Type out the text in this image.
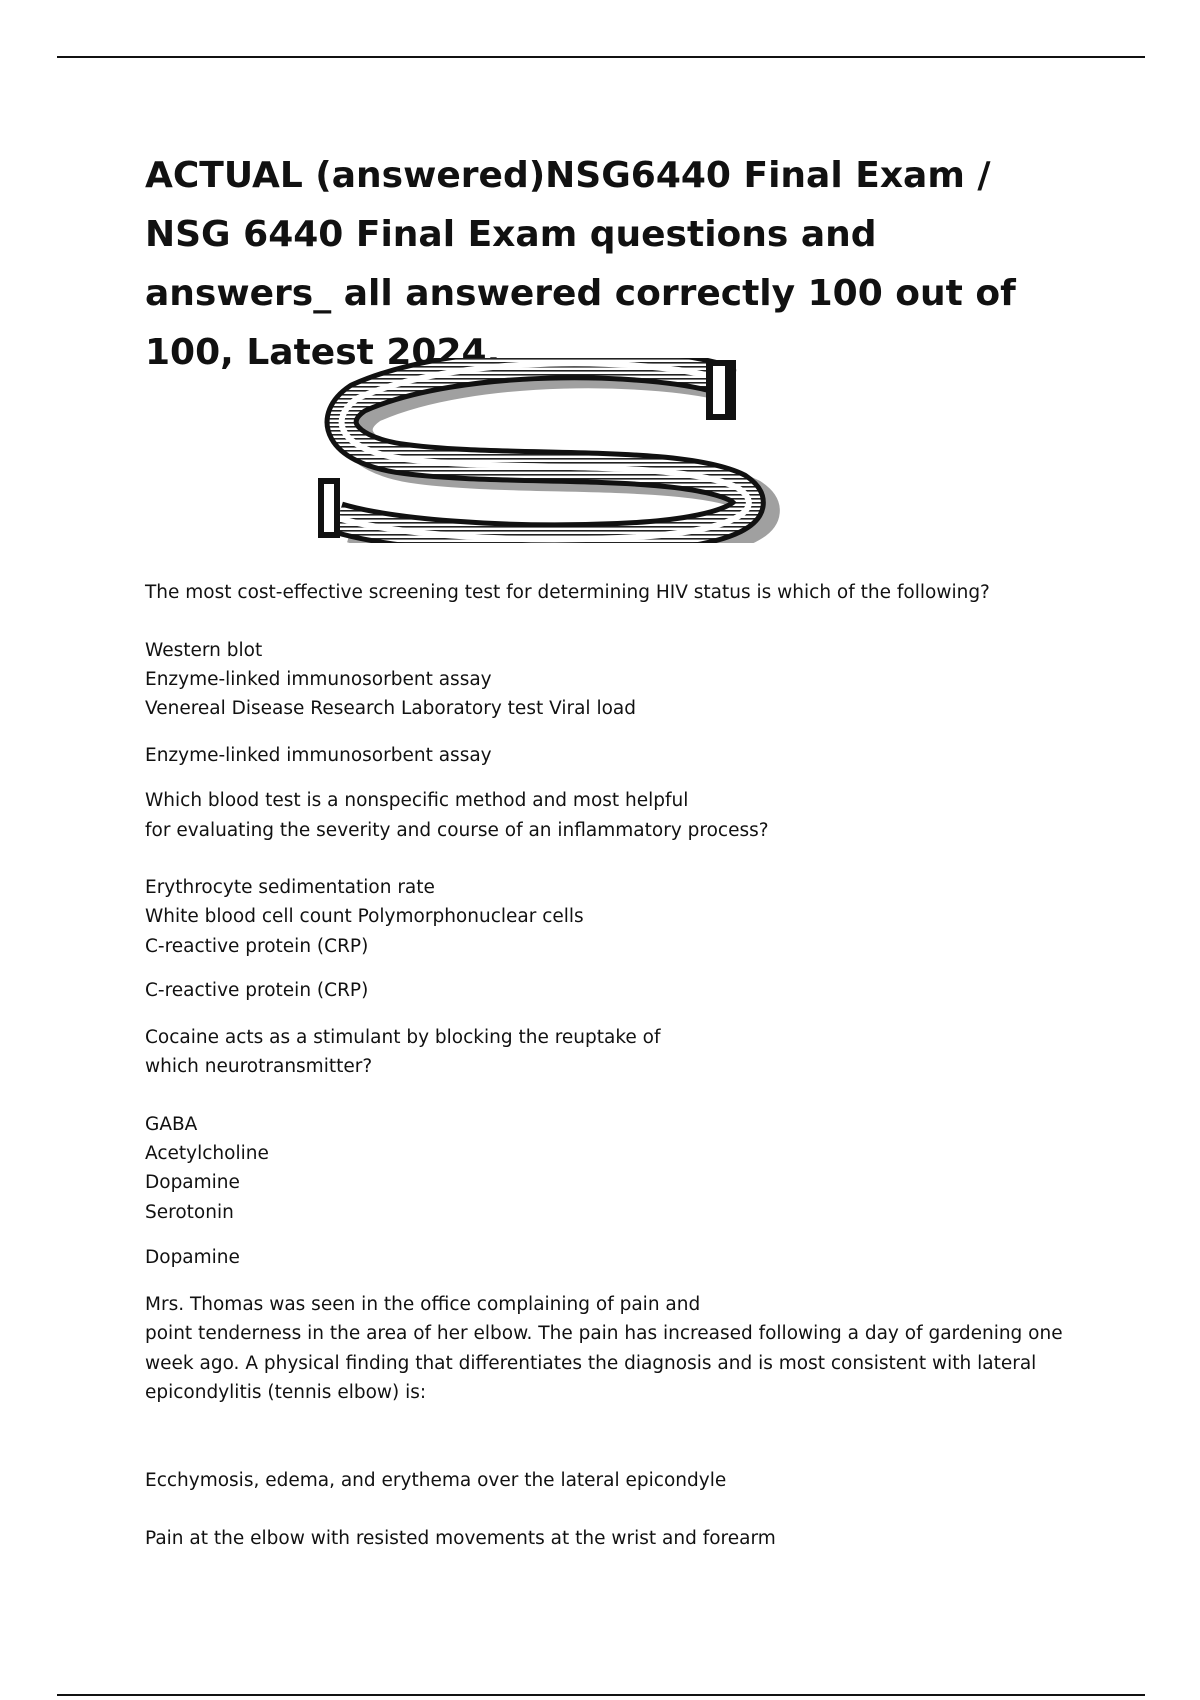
ACTUAL (answered)NSG6440 Final Exam / NSG 6440 Final Exam questions and answers_ all answered correctly 100 out of 100, Latest 2024.
The most cost-effective screening test for determining HIV status is which of the following?
Western blot
Enzyme-linked immunosorbent assay
Venereal Disease Research Laboratory test Viral load
Enzyme-linked immunosorbent assay
Which blood test is a nonspecific method and most helpful
for evaluating the severity and course of an inflammatory process?
Erythrocyte sedimentation rate
White blood cell count Polymorphonuclear cells
C-reactive protein (CRP)
C-reactive protein (CRP)
Cocaine acts as a stimulant by blocking the reuptake of
which neurotransmitter?
GABA
Acetylcholine
Dopamine
Serotonin
Dopamine
Mrs. Thomas was seen in the office complaining of pain and
point tenderness in the area of her elbow. The pain has increased following a day of gardening one
week ago. A physical finding that differentiates the diagnosis and is most consistent with lateral
epicondylitis (tennis elbow) is:
Ecchymosis, edema, and erythema over the lateral epicondyle
Pain at the elbow with resisted movements at the wrist and forearm
